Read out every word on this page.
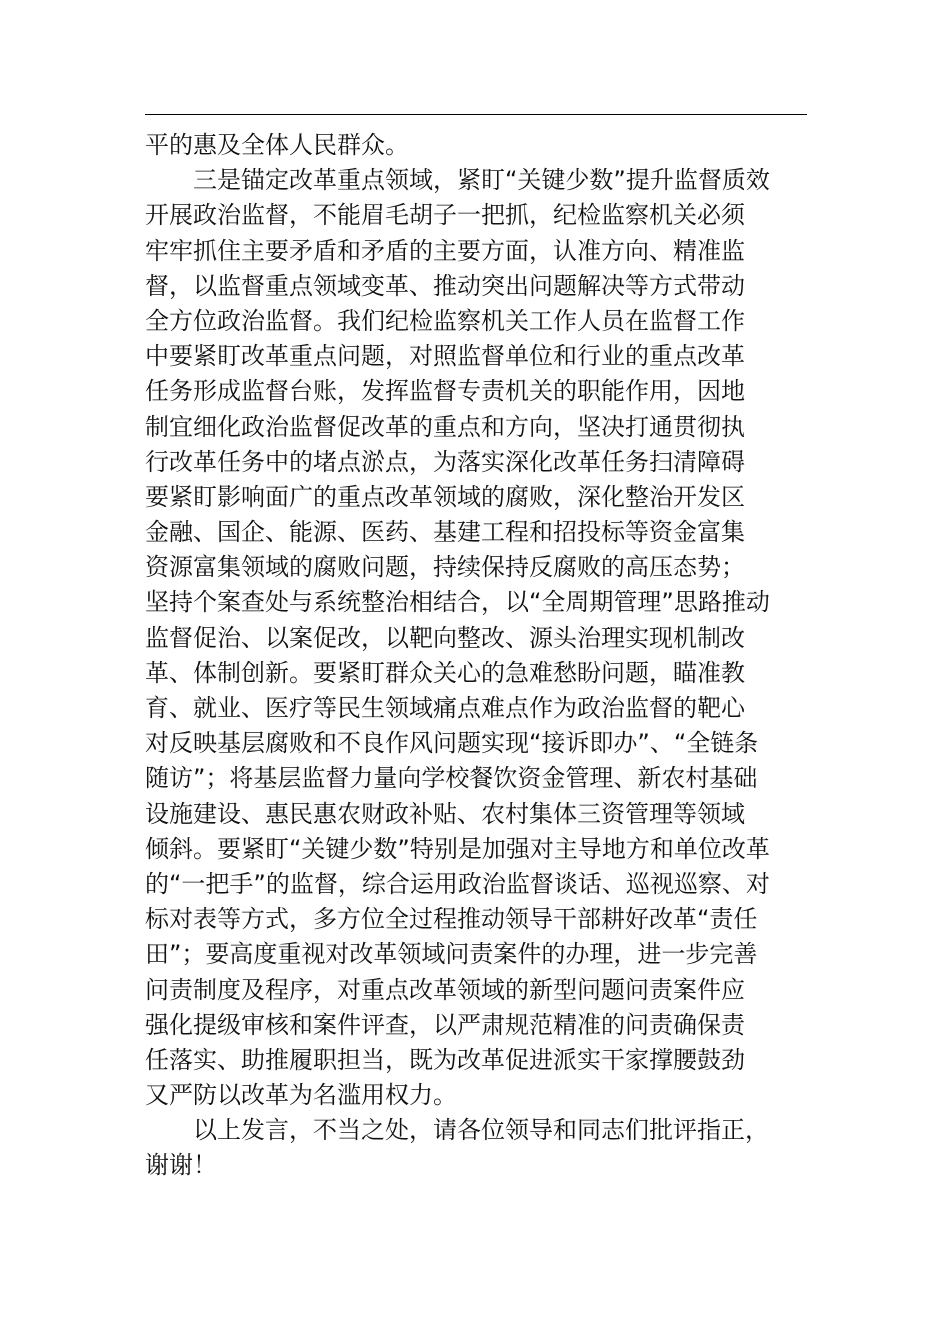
平的惠及全体人民群众。
三是锚定改革重点领域，紧盯“关键少数”提升监督质效
开展政治监督，不能眉毛胡子一把抓，纪检监察机关必须
牢牢抓住主要矛盾和矛盾的主要方面，认准方向、精准监
督，以监督重点领域变革、推动突出问题解决等方式带动
全方位政治监督。我们纪检监察机关工作人员在监督工作
中要紧盯改革重点问题，对照监督单位和行业的重点改革
任务形成监督台账，发挥监督专责机关的职能作用，因地
制宜细化政治监督促改革的重点和方向，坚决打通贯彻执
行改革任务中的堵点淤点，为落实深化改革任务扫清障碍
要紧盯影响面广的重点改革领域的腐败，深化整治开发区
金融、国企、能源、医药、基建工程和招投标等资金富集
资源富集领域的腐败问题，持续保持反腐败的高压态势；
坚持个案查处与系统整治相结合，以“全周期管理”思路推动
监督促治、以案促改，以靶向整改、源头治理实现机制改
革、体制创新。要紧盯群众关心的急难愁盼问题，瞄准教
育、就业、医疗等民生领域痛点难点作为政治监督的靶心
对反映基层腐败和不良作风问题实现“接诉即办”、“全链条
随访”；将基层监督力量向学校餐饮资金管理、新农村基础
设施建设、惠民惠农财政补贴、农村集体三资管理等领域
倾斜。要紧盯“关键少数”特别是加强对主导地方和单位改革
的“一把手”的监督，综合运用政治监督谈话、巡视巡察、对
标对表等方式，多方位全过程推动领导干部耕好改革“责任
田”；要高度重视对改革领域问责案件的办理，进一步完善
问责制度及程序，对重点改革领域的新型问题问责案件应
强化提级审核和案件评查，以严肃规范精准的问责确保责
任落实、助推履职担当，既为改革促进派实干家撑腰鼓劲
又严防以改革为名滥用权力。
以上发言，不当之处，请各位领导和同志们批评指正，
谢谢！
